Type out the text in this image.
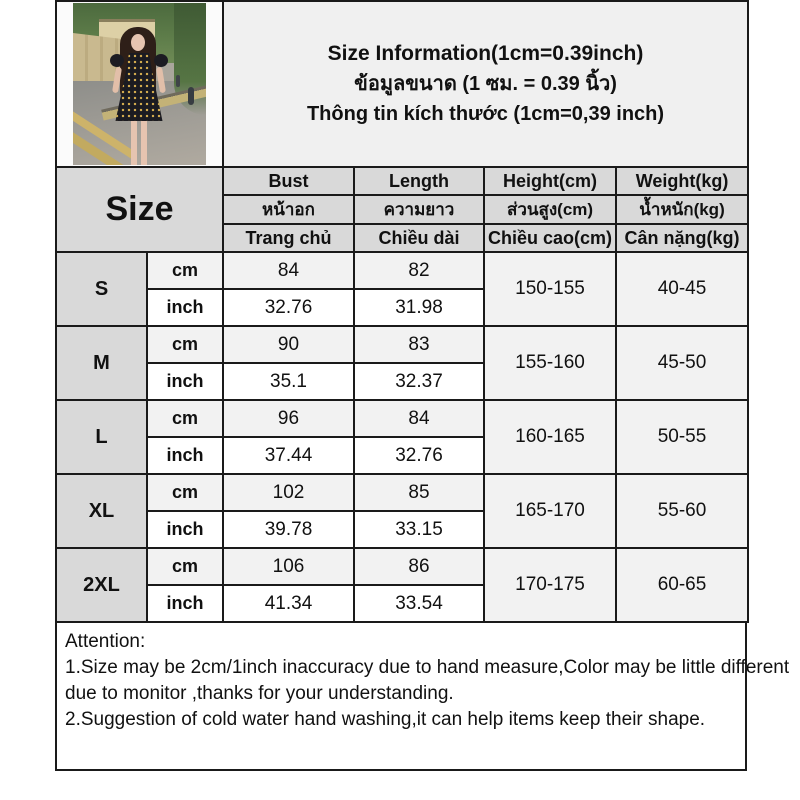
		Size Information(1cm=0.39inch)
ข้อมูลขนาด (1 ซม. = 0.39 นิ้ว)
Thông tin kích thước (1cm=0,39 inch)			

Size		Bust	Length	Height(cm)	Weight(kg)
		หน้าอก	ความยาว	ส่วนสูง(cm)	น้ำหนัก(kg)
		Trang chủ	Chiều dài	Chiều cao(cm)	Cân nặng(kg)
S	cm	84	82	150-155	40-45
	inch	32.76	31.98		
M	cm	90	83	155-160	45-50
	inch	35.1	32.37		
L	cm	96	84	160-165	50-55
	inch	37.44	32.76		
XL	cm	102	85	165-170	55-60
	inch	39.78	33.15		
2XL	cm	106	86	170-175	60-65
	inch	41.34	33.54		
Attention:
1.Size may be 2cm/1inch inaccuracy due to hand measure,Color may be little different
due to monitor ,thanks for your understanding.
2.Suggestion of cold water hand washing,it can help items keep their shape.
